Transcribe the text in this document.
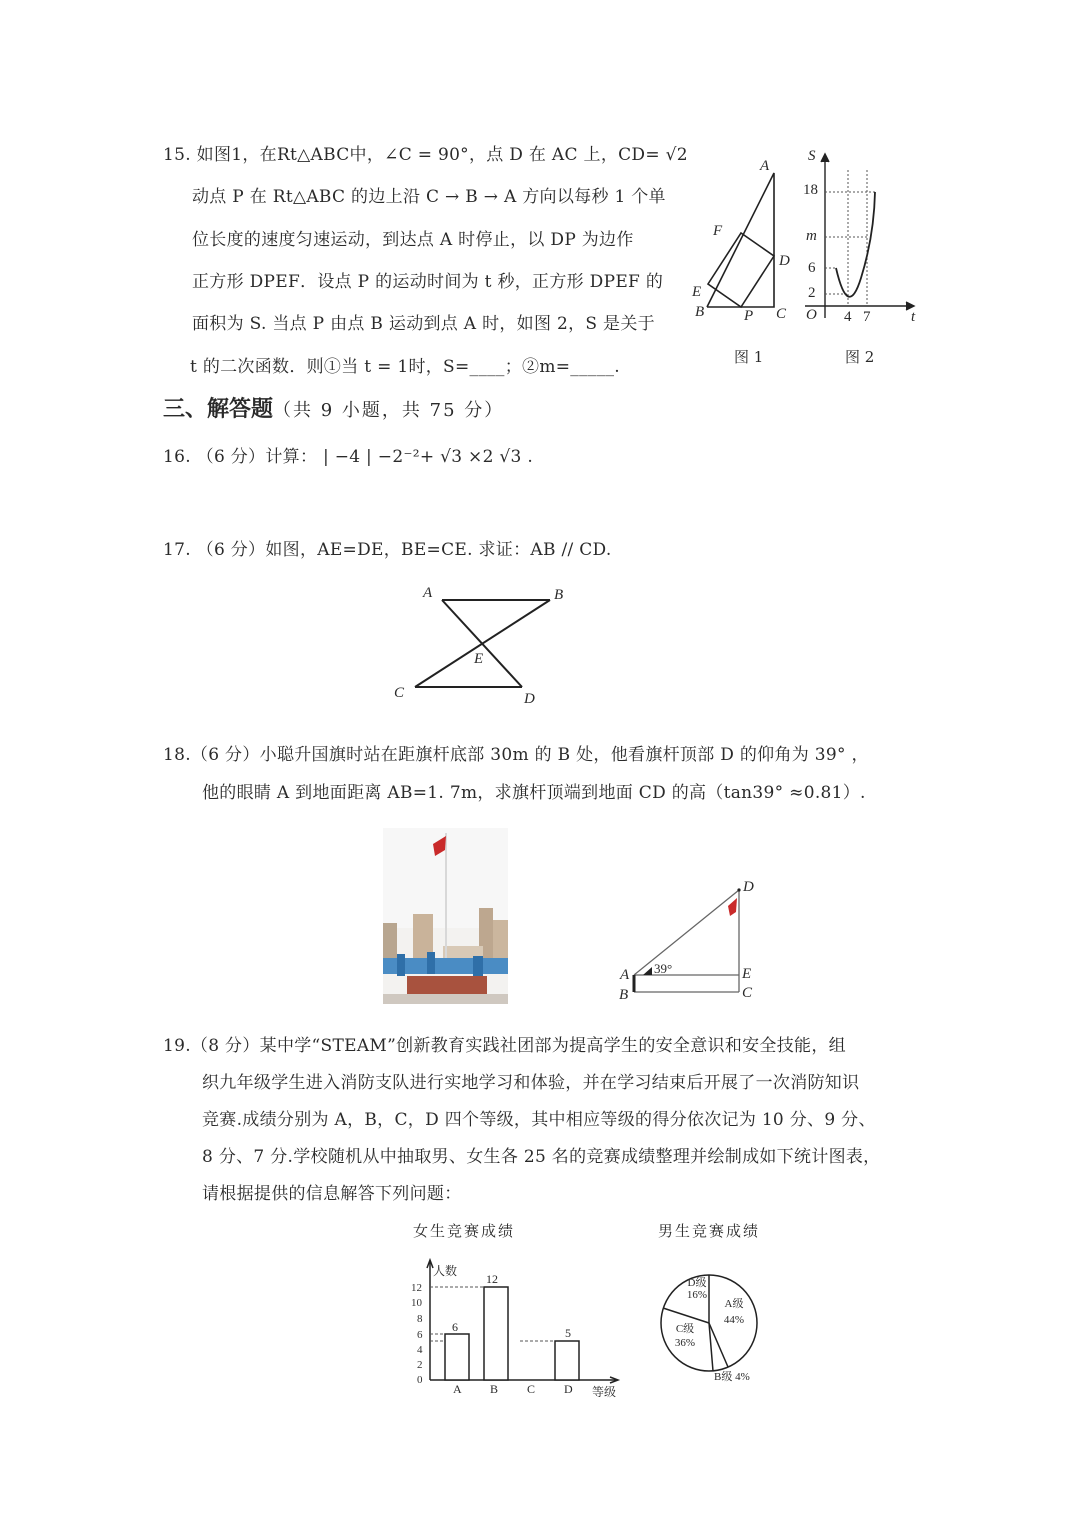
15. 如图1，在Rt△ABC中，∠C = 90°，点 D 在 AC 上，CD= √2
动点 P 在 Rt△ABC 的边上沿 C → B → A 方向以每秒 1 个单
位长度的速度匀速运动，到达点 A 时停止，以 DP 为边作
正方形 DPEF．设点 P 的运动时间为 t 秒，正方形 DPEF 的
面积为 S. 当点 P 由点 B 运动到点 A 时，如图 2，S 是关于
t 的二次函数．则①当 t = 1时，S=____；②m=_____.
A
F
D
E
B	P C
图 1
S
18
m
6
2
O 4 7	t
图 2
三、解答题（共 9 小题，共 75 分）
16. （6 分）计算： | −4 | −2⁻²+ √3 ×2 √3 .
17. （6 分）如图，AE=DE，BE=CE. 求证：AB // CD.
A	B
E
C	D
18.（6 分）小聪升国旗时站在距旗杆底部 30m 的 B 处，他看旗杆顶部 D 的仰角为 39° ，
他的眼睛 A 到地面距离 AB=1. 7m，求旗杆顶端到地面 CD 的高（tan39° ≈0.81）.
39°
D
A	E
B	C
19.（8 分）某中学“STEAM”创新教育实践社团部为提高学生的安全意识和安全技能，组
织九年级学生进入消防支队进行实地学习和体验，并在学习结束后开展了一次消防知识
竞赛.成绩分别为 A，B，C，D 四个等级，其中相应等级的得分依次记为 10 分、9 分、
8 分、7 分.学校随机从中抽取男、女生各 25 名的竞赛成绩整理并绘制成如下统计图表，
请根据提供的信息解答下列问题：
女生竞赛成绩
0
2
4
6
8
10
12
人数
6
12
5
A B C D 等级
男生竞赛成绩
D级 16%
A级 44%
C级 36%
B级 4%
